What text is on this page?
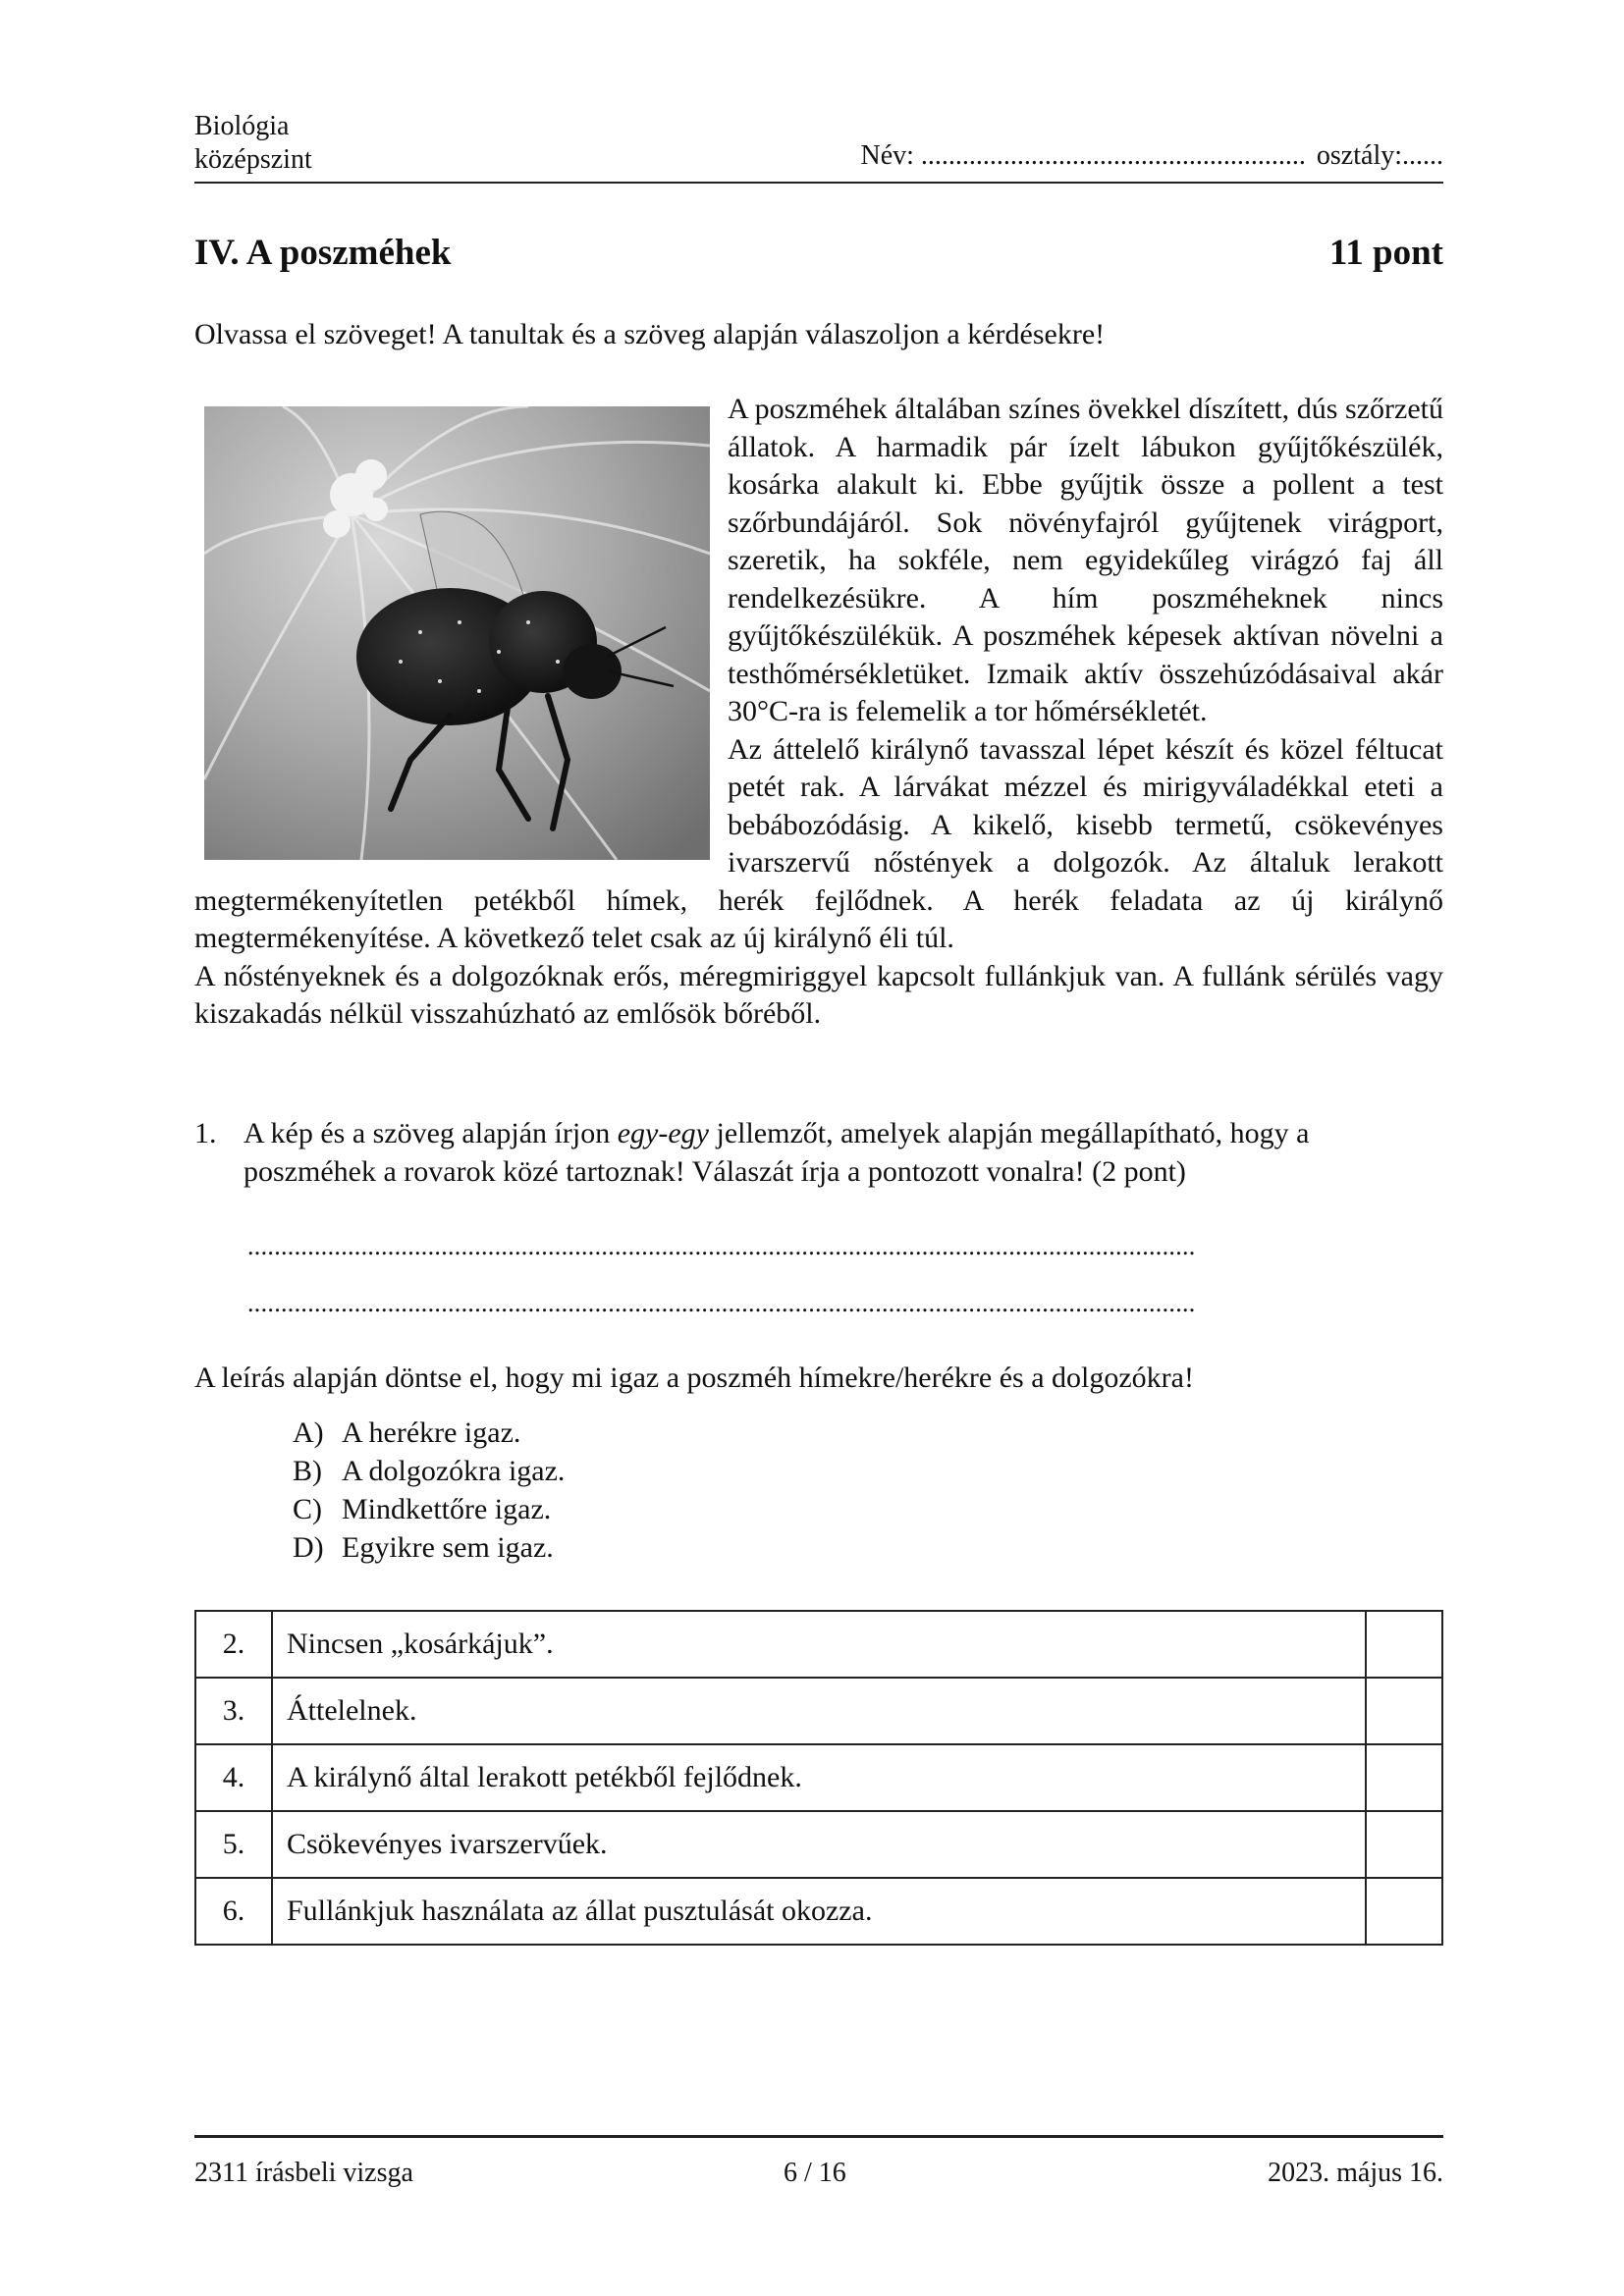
Biológia
középszint	Név: ........................................................ osztály:......
IV. A poszméhek	11 pont
Olvassa el szöveget! A tanultak és a szöveg alapján válaszoljon a kérdésekre!

A poszméhek általában színes övekkel díszített, dús szőrzetű állatok. A harmadik pár ízelt lábukon gyűjtőkészülék, kosárka alakult ki. Ebbe gyűjtik össze a pollent a test szőrbundájáról. Sok növényfajról gyűjtenek virágport, szeretik, ha sokféle, nem egyidekűleg virágzó faj áll rendelkezésükre. A hím poszméheknek nincs gyűjtőkészülékük. A poszméhek képesek aktívan növelni a testhőmérsékletüket. Izmaik aktív összehúzódásaival akár 30°C-ra is felemelik a tor hőmérsékletét.

Az áttelelő királynő tavasszal lépet készít és közel féltucat petét rak. A lárvákat mézzel és mirigyváladékkal eteti a bebábozódásig. A kikelő, kisebb termetű, csökevényes ivarszervű nőstények a dolgozók. Az általuk lerakott megtermékenyítetlen petékből hímek, herék fejlődnek. A herék feladata az új királynő megtermékenyítése. A következő telet csak az új királynő éli túl.

A nőstényeknek és a dolgozóknak erős, méregmiriggyel kapcsolt fullánkjuk van. A fullánk sérülés vagy kiszakadás nélkül visszahúzható az emlősök bőréből.

1. A kép és a szöveg alapján írjon egy-egy jellemzőt, amelyek alapján megállapítható, hogy a poszméhek a rovarok közé tartoznak! Válaszát írja a pontozott vonalra! (2 pont)
..............................................................................................................................................
..............................................................................................................................................
A leírás alapján döntse el, hogy mi igaz a poszméh hímekre/herékre és a dolgozókra!
A) A herékre igaz.
B) A dolgozókra igaz.
C) Mindkettőre igaz.
D) Egyikre sem igaz.
2.	Nincsen „kosárkájuk”.	
3.	Áttelelnek.	
4.	A királynő által lerakott petékből fejlődnek.	
5.	Csökevényes ivarszervűek.	
6.	Fullánkjuk használata az állat pusztulását okozza.	
2311 írásbeli vizsga	6 / 16	2023. május 16.
